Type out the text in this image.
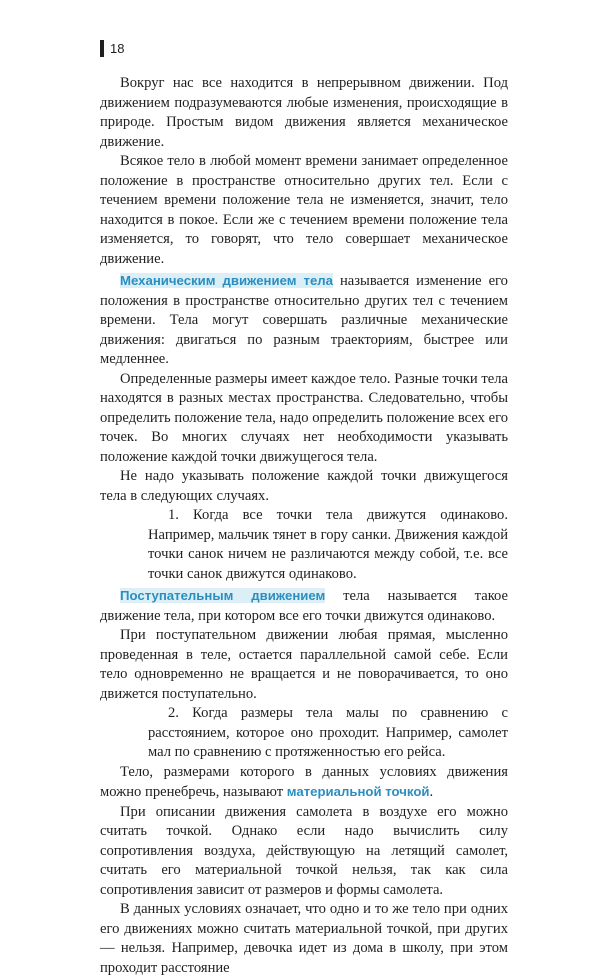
18

Вокруг нас все находится в непрерывном движении. Под движением подразумеваются любые изменения, происходящие в природе. Простым видом движения является механическое движение.

Всякое тело в любой момент времени занимает определенное положение в пространстве относительно других тел. Если с течением времени положение тела не изменяется, значит, тело находится в покое. Если же с течением времени положение тела изменяется, то говорят, что тело совершает механическое движение.

Механическим движением тела называется изменение его положения в пространстве относительно других тел с течением времени. Тела могут совершать различные механические движения: двигаться по разным траекториям, быстрее или медленнее.

Определенные размеры имеет каждое тело. Разные точки тела находятся в разных местах пространства. Следовательно, чтобы определить положение тела, надо определить положение всех его точек. Во многих случаях нет необходимости указывать положение каждой точки движущегося тела.

Не надо указывать положение каждой точки движущегося тела в следующих случаях.

1. Когда все точки тела движутся одинаково. Например, мальчик тянет в гору санки. Движения каждой точки санок ничем не различаются между собой, т.е. все точки санок движутся одинаково.

Поступательным движением тела называется такое движение тела, при котором все его точки движутся одинаково.

При поступательном движении любая прямая, мысленно проведенная в теле, остается параллельной самой себе. Если тело одновременно не вращается и не поворачивается, то оно движется поступательно.

2. Когда размеры тела малы по сравнению с расстоянием, которое оно проходит. Например, самолет мал по сравнению с протяженностью его рейса.

Тело, размерами которого в данных условиях движения можно пренебречь, называют материальной точкой.

При описании движения самолета в воздухе его можно считать точкой. Однако если надо вычислить силу сопротивления воздуха, действующую на летящий самолет, считать его материальной точкой нельзя, так как сила сопротивления зависит от размеров и формы самолета.

В данных условиях означает, что одно и то же тело при одних его движениях можно считать материальной точкой, при других — нельзя. Например, девочка идет из дома в школу, при этом проходит расстояние
